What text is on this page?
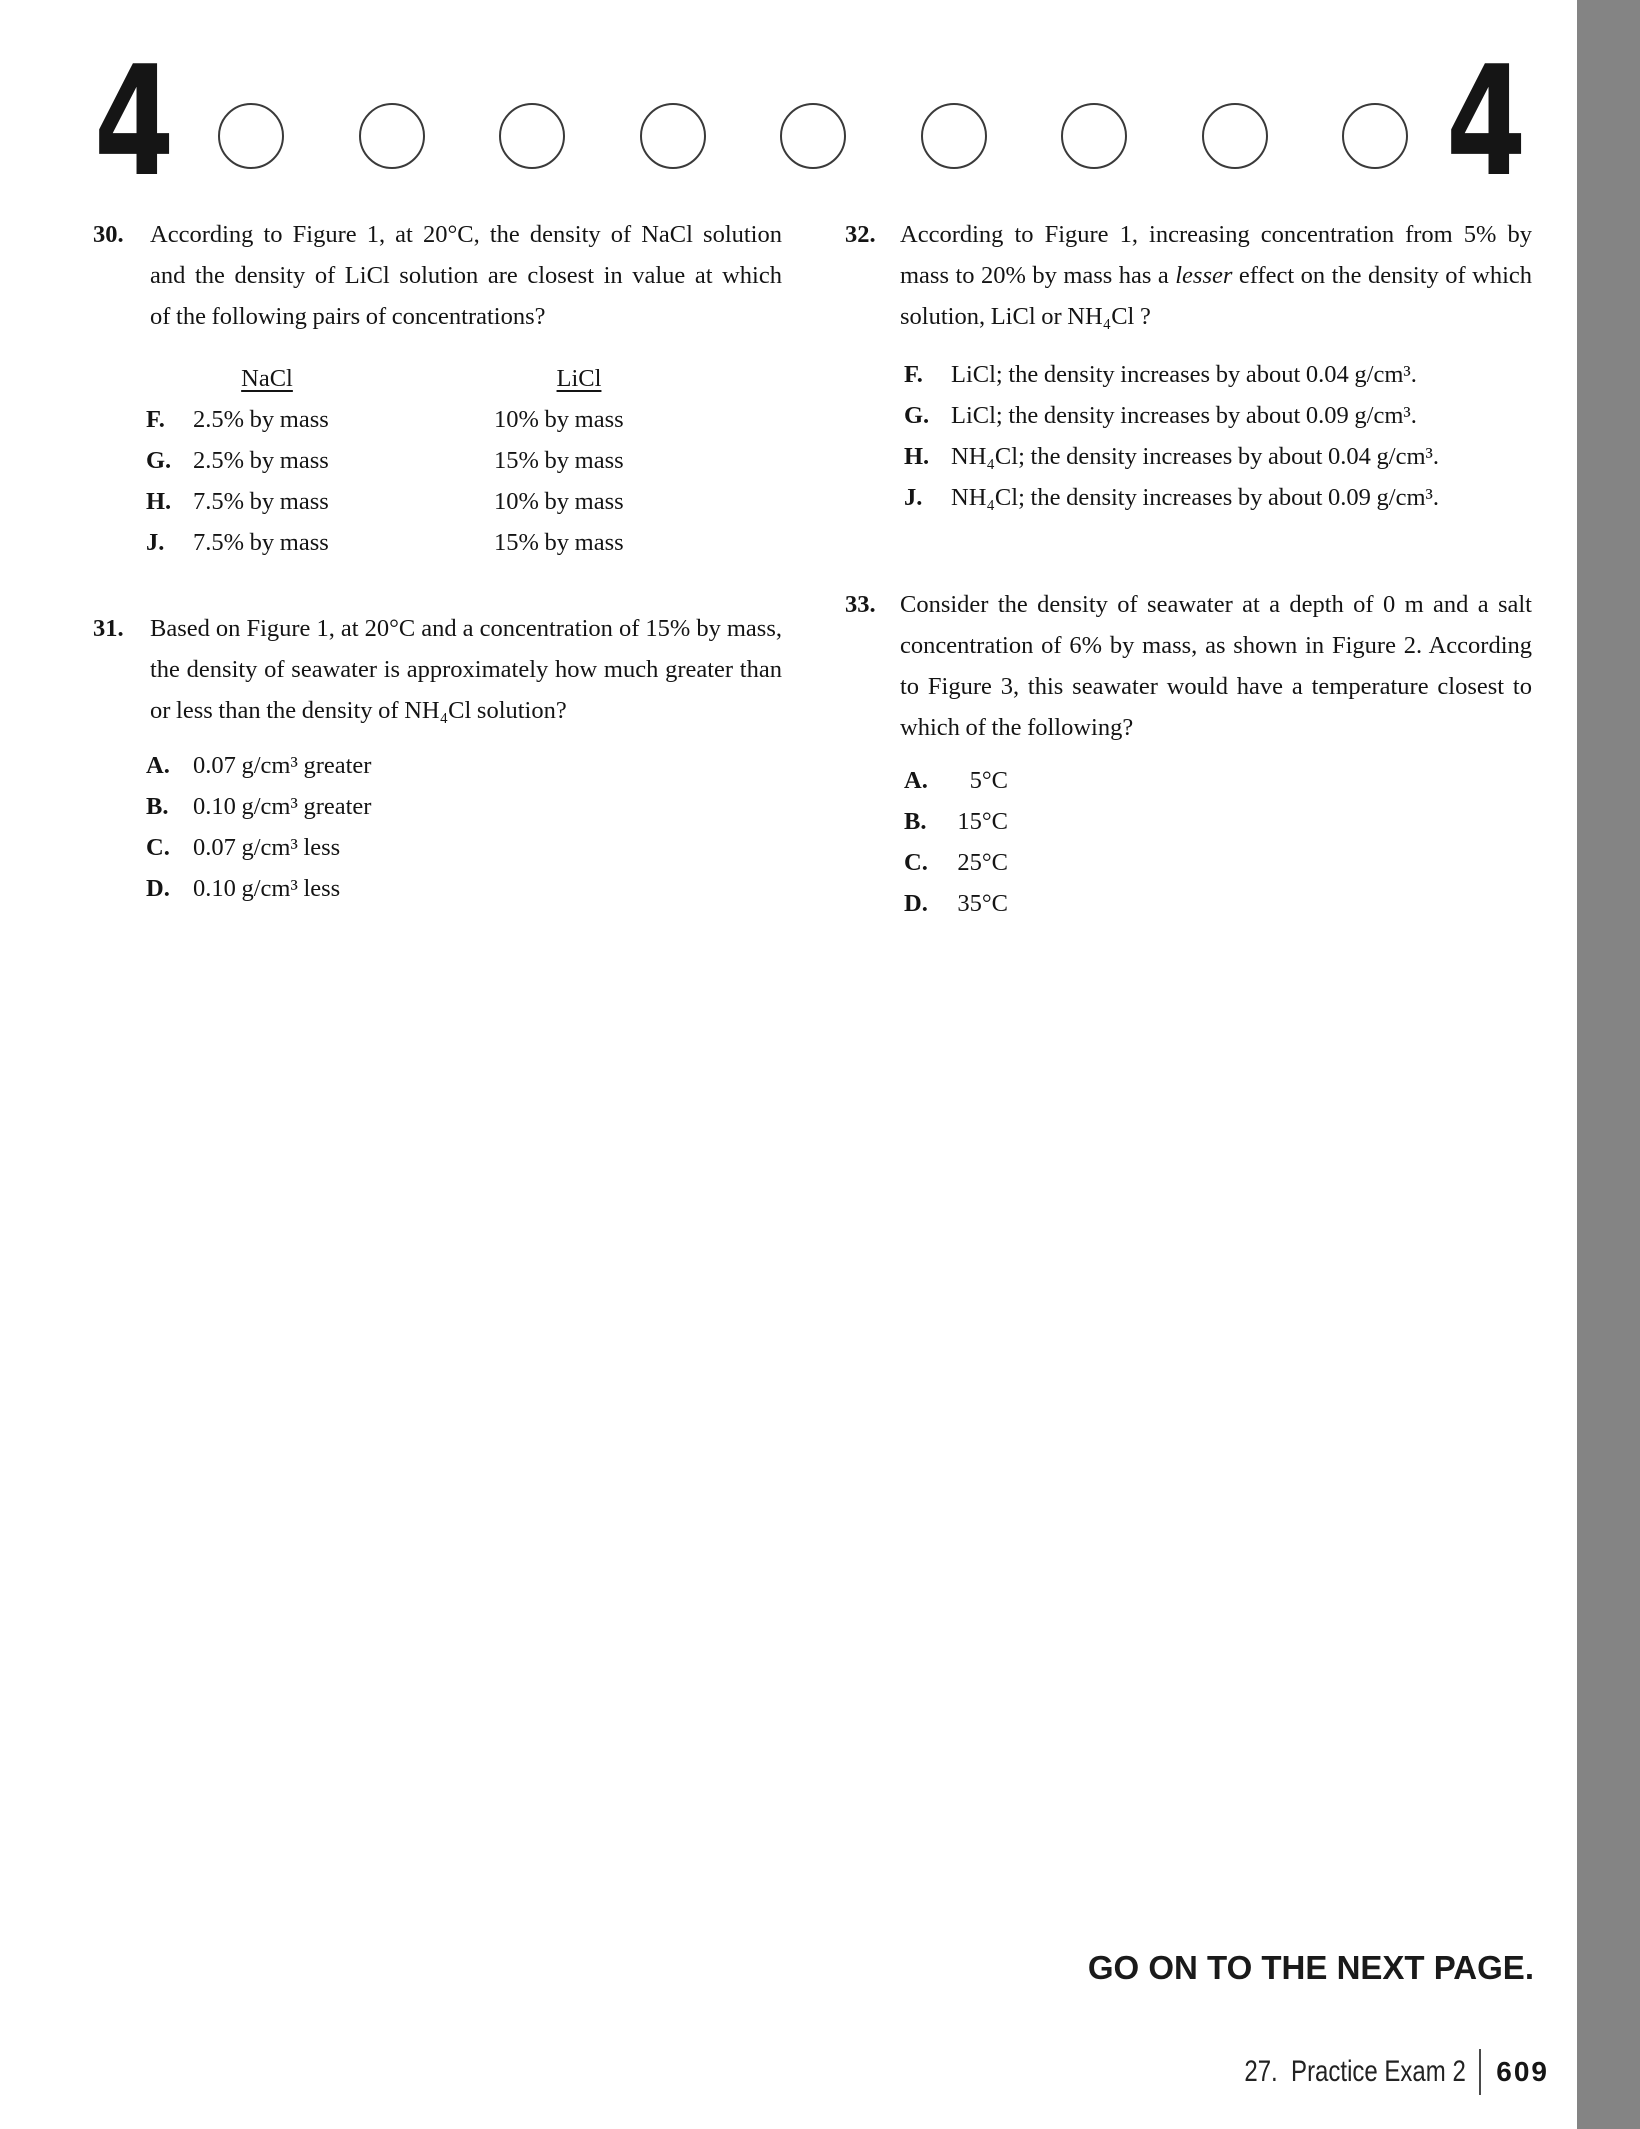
4	4
30. According to Figure 1, at 20°C, the density of NaCl solution
and the density of LiCl solution are closest in value at which
of the following pairs of concentrations?
NaCl	LiCl
F.	2.5% by mass	10% by mass
G. 2.5% by mass	15% by mass
H. 7.5% by mass	10% by mass
J.	7.5% by mass	15% by mass
31. Based on Figure 1, at 20°C and a concentration of 15% by mass,
the density of seawater is approximately how much greater than
or less than the density of NH₄Cl solution?
A. 0.07 g/cm³ greater
B.	0.10 g/cm³ greater
C. 0.07 g/cm³ less
D. 0.10 g/cm³ less
32. According to Figure 1, increasing concentration from 5% by
mass to 20% by mass has a lesser effect on the density of which
solution, LiCl or NH₄Cl ?
F.	LiCl; the density increases by about 0.04 g/cm³.
G. LiCl; the density increases by about 0.09 g/cm³.
H. NH₄Cl; the density increases by about 0.04 g/cm³.
J.	NH₄Cl; the density increases by about 0.09 g/cm³.
33. Consider the density of seawater at a depth of 0 m and a salt
concentration of 6% by mass, as shown in Figure 2. According
to Figure 3, this seawater would have a temperature closest to
which of the following?
A.	5°C
B.	15°C
C.	25°C
D.	35°C
GO ON TO THE NEXT PAGE.
27.  Practice Exam 2 609
